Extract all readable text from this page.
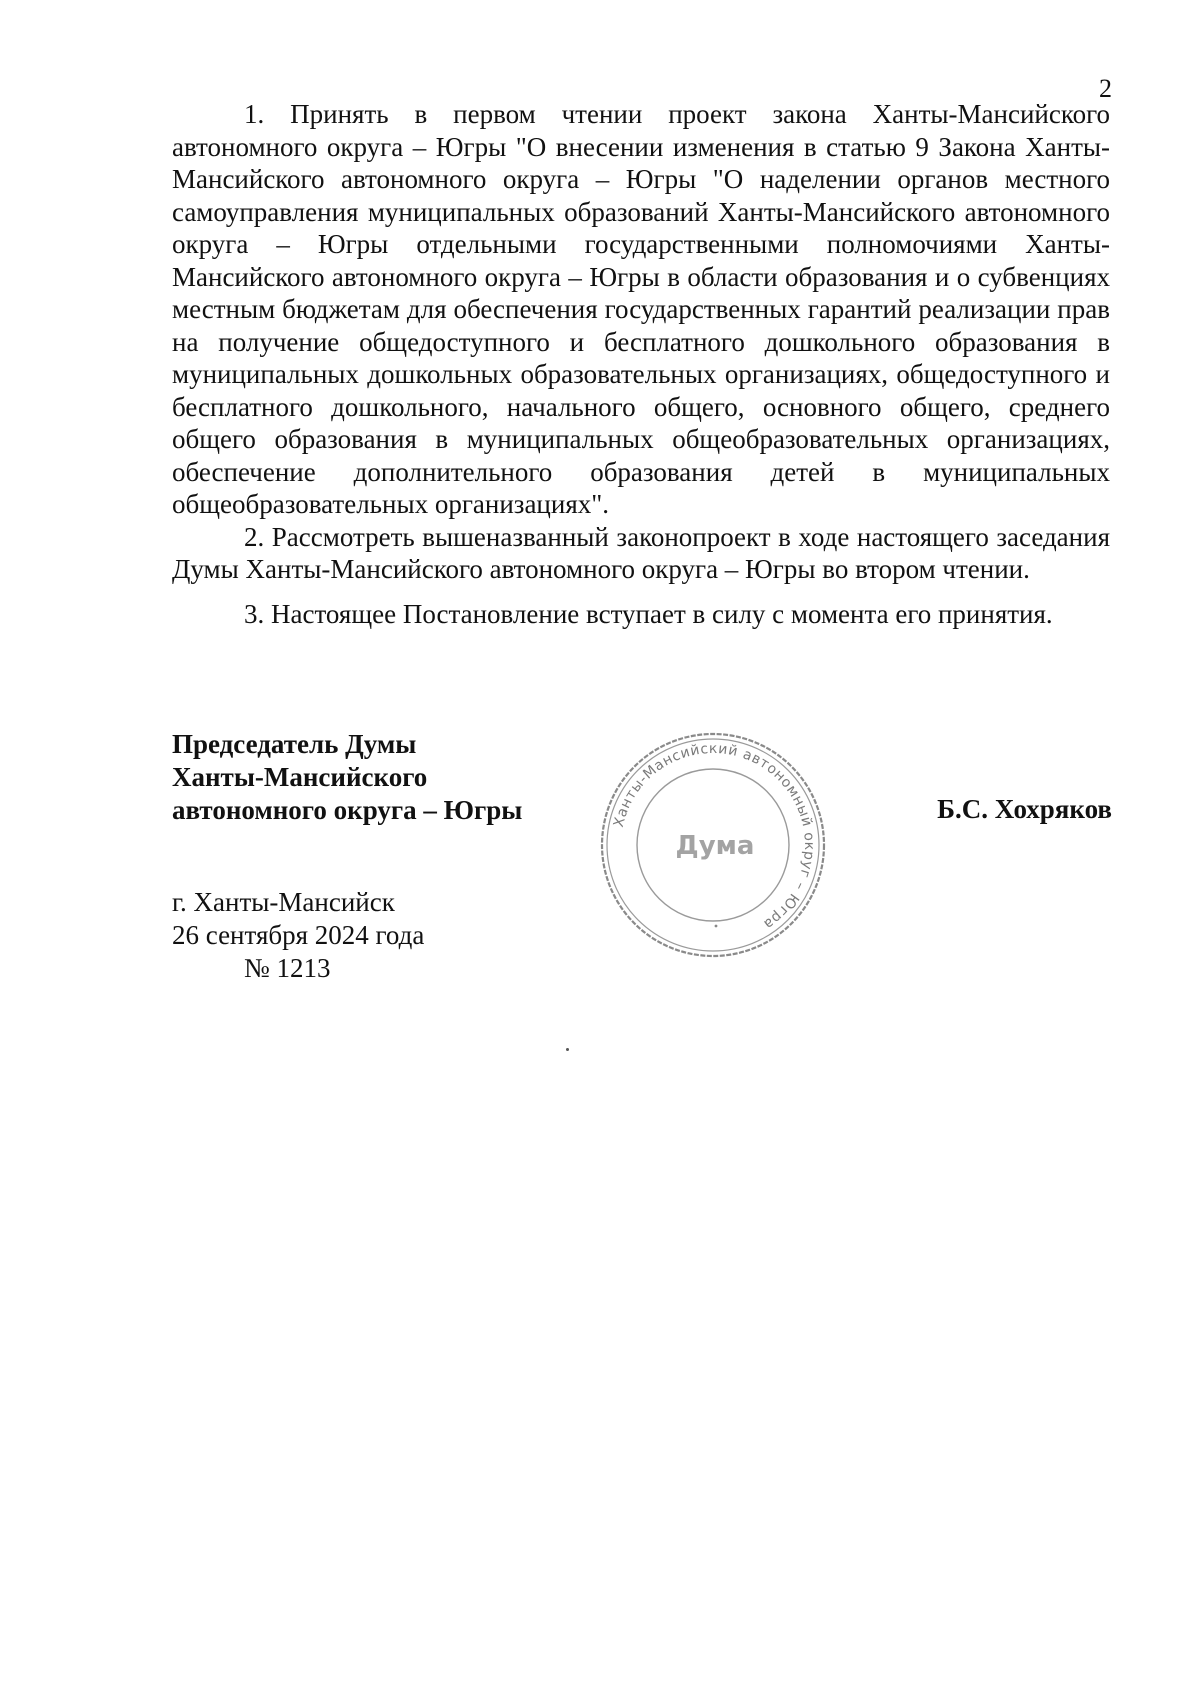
2

1. Принять в первом чтении проект закона Ханты-Мансийского автономного округа – Югры "О внесении изменения в статью 9 Закона Ханты-Мансийского автономного округа – Югры "О наделении органов местного самоуправления муниципальных образований Ханты-Мансийского автономного округа – Югры отдельными государственными полномочиями Ханты-Мансийского автономного округа – Югры в области образования и о субвенциях местным бюджетам для обеспечения государственных гарантий реализации прав на получение общедоступного и бесплатного дошкольного образования в муниципальных дошкольных образовательных организациях, общедоступного и бесплатного дошкольного, начального общего, основного общего, среднего общего образования в муниципальных общеобразовательных организациях, обеспечение дополнительного образования детей в муниципальных общеобразовательных организациях".

2. Рассмотреть вышеназванный законопроект в ходе настоящего заседания Думы Ханты-Мансийского автономного округа – Югры во втором чтении.

3. Настоящее Постановление вступает в силу с момента его принятия.

Председатель Думы
Ханты-Мансийского
автономного округа – Югры	Ханты-Мансийский автономный округ – Югра
Дума
Б.С. Хохряков
г. Ханты-Мансийск
26 сентября 2024 года
№ 1213
